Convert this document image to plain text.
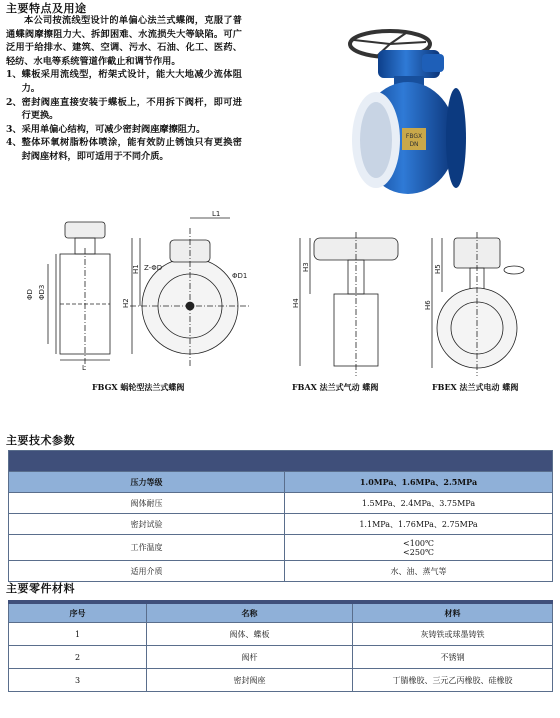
主要特点及用途

本公司按流线型设计的单偏心法兰式蝶阀，克服了普通蝶阀摩擦阻力大、拆卸困难、水流损失大等缺陷。可广泛用于给排水、建筑、空调、污水、石油、化工、医药、轻纺、水电等系统管道作截止和调节作用。

1、 蝶板采用流线型，桁架式设计，能大大地减少流体阻力。
2、 密封阀座直接安装于蝶板上，不用拆下阀杆，即可进行更换。
3、 采用单偏心结构，可减少密封阀座摩擦阻力。
4、 整体环氧树脂粉体喷涂，能有效防止锈蚀只有更换密封阀座材料，即可适用于不同介质。
FBGX
DN
ΦD ΦD3
L
L1
H1
H2
Z-ΦD
ΦD1
FBGX 蜗轮型法兰式蝶阀
H3
H4
FBAX 法兰式气动 蝶阀
H5
H6
FBEX 法兰式电动 蝶阀
主要技术参数

压力等级	1.0MPa、1.6MPa、2.5MPa
阀体耐压	1.5MPa、2.4MPa、3.75MPa
密封试验	1.1MPa、1.76MPa、2.75MPa
工作温度	<100℃
<250℃

适用介质	水、油、蒸气等
主要零件材料
序号	名称	材料
1	阀体、蝶板	灰铸铁或球墨铸铁
2	阀杆	不锈钢
3	密封阀座	丁腈橡胶、三元乙丙橡胶、硅橡胶
